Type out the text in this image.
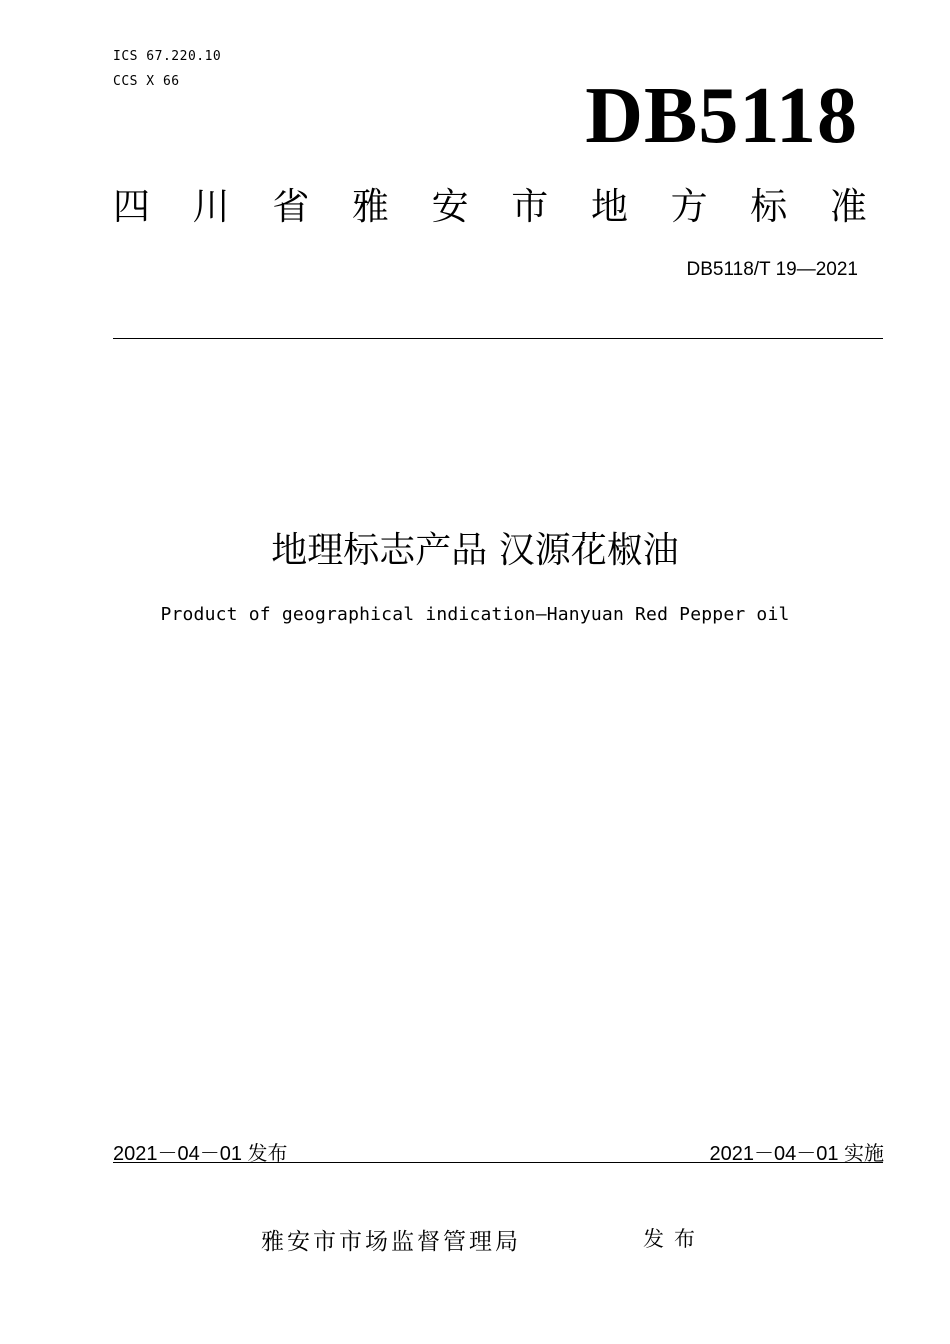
ICS 67.220.10
CCS X 66	DB5118
四 川 省 雅 安 市 地 方 标 准
DB5118/T 19—2021
地理标志产品 汉源花椒油
Product of geographical indication—Hanyuan Red Pepper oil
2021－04－01 发布	2021－04－01 实施
雅安市市场监督管理局	发布
